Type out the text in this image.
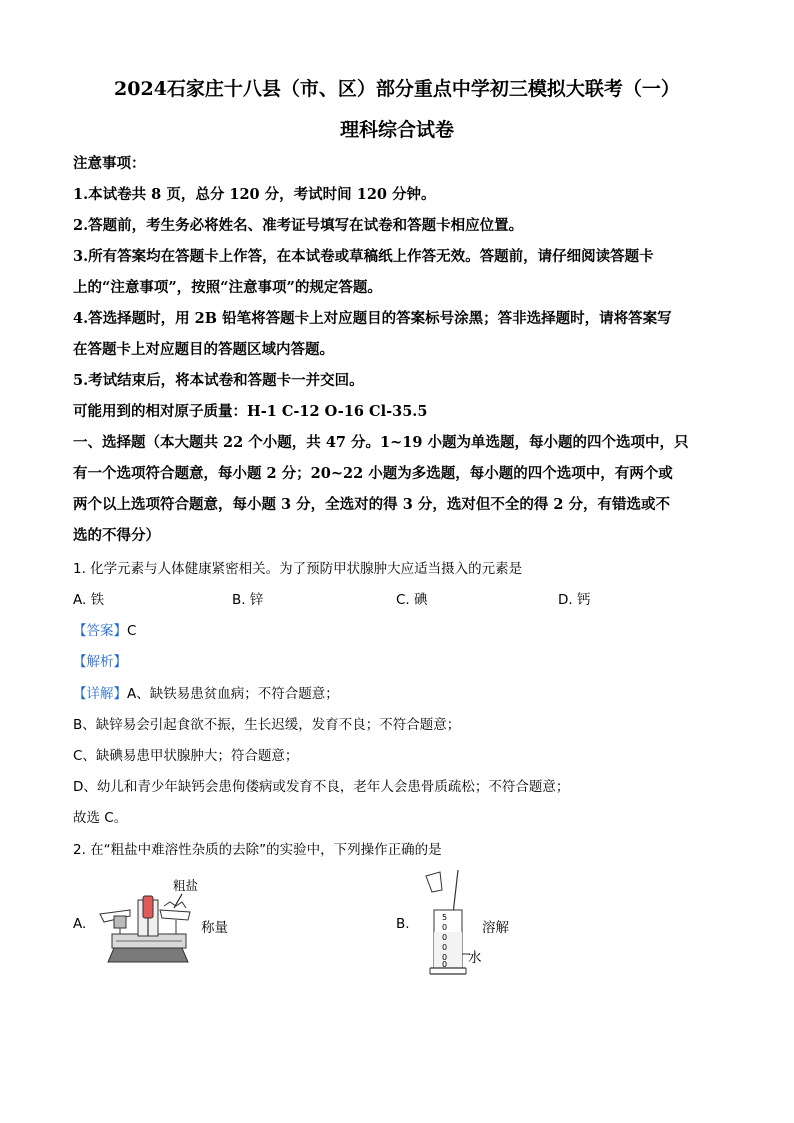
2024石家庄十八县（市、区）部分重点中学初三模拟大联考（一）
理科综合试卷
注意事项：
1.本试卷共 8 页，总分 120 分，考试时间 120 分钟。
2.答题前，考生务必将姓名、准考证号填写在试卷和答题卡相应位置。
3.所有答案均在答题卡上作答，在本试卷或草稿纸上作答无效。答题前，请仔细阅读答题卡
上的“注意事项”，按照“注意事项”的规定答题。
4.答选择题时，用 2B 铅笔将答题卡上对应题目的答案标号涂黑；答非选择题时，请将答案写
在答题卡上对应题目的答题区域内答题。
5.考试结束后，将本试卷和答题卡一并交回。
可能用到的相对原子质量：H-1 C-12 O-16 Cl-35.5
一、选择题（本大题共 22 个小题，共 47 分。1~19 小题为单选题，每小题的四个选项中，只
有一个选项符合题意，每小题 2 分；20~22 小题为多选题，每小题的四个选项中，有两个或
两个以上选项符合题意，每小题 3 分，全选对的得 3 分，选对但不全的得 2 分，有错选或不
选的不得分）
1. 化学元素与人体健康紧密相关。为了预防甲状腺肿大应适当摄入的元素是
A. 铁	B. 锌	C. 碘	D. 钙
【答案】C
【解析】
【详解】A、缺铁易患贫血病；不符合题意；
B、缺锌易会引起食欲不振，生长迟缓，发育不良；不符合题意；
C、缺碘易患甲状腺肿大；符合题意；
D、幼儿和青少年缺钙会患佝偻病或发育不良，老年人会患骨质疏松；不符合题意；
故选 C。
2. 在“粗盐中难溶性杂质的去除”的实验中，下列操作正确的是
A.
粗盐
称量	B.	溶解
水
5
0
0
0
0
0
